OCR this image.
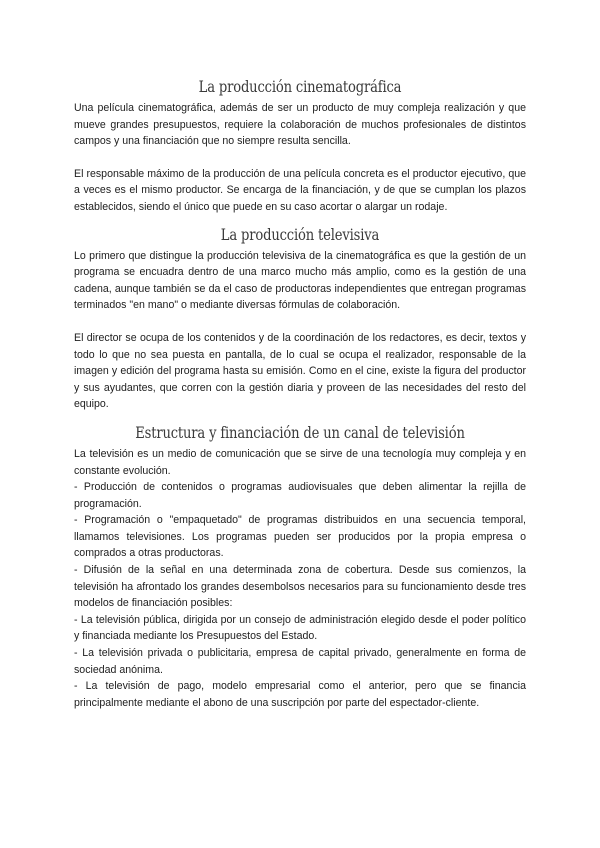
La producción cinematográfica

Una película cinematográfica, además de ser un producto de muy compleja realización y que mueve grandes presupuestos, requiere la colaboración de muchos profesionales de distintos campos y una financiación que no siempre resulta sencilla.

El responsable máximo de la producción de una película concreta es el productor ejecutivo, que a veces es el mismo productor. Se encarga de la financiación, y de que se cumplan los plazos establecidos, siendo el único que puede en su caso acortar o alargar un rodaje.

La producción televisiva

Lo primero que distingue la producción televisiva de la cinematográfica es que la gestión de un programa se encuadra dentro de una marco mucho más amplio, como es la gestión de una cadena, aunque también se da el caso de productoras independientes que entregan programas terminados "en mano" o mediante diversas fórmulas de colaboración.

El director se ocupa de los contenidos y de la coordinación de los redactores, es decir, textos y todo lo que no sea puesta en pantalla, de lo cual se ocupa el realizador, responsable de la imagen y edición del programa hasta su emisión. Como en el cine, existe la figura del productor y sus ayudantes, que corren con la gestión diaria y proveen de las necesidades del resto del equipo.

Estructura y financiación de un canal de televisión

La televisión es un medio de comunicación que se sirve de una tecnología muy compleja y en constante evolución.

- Producción de contenidos o programas audiovisuales que deben alimentar la rejilla de programación.

- Programación o "empaquetado" de programas distribuidos en una secuencia temporal, llamamos televisiones. Los programas pueden ser producidos por la propia empresa o comprados a otras productoras.

- Difusión de la señal en una determinada zona de cobertura. Desde sus comienzos, la televisión ha afrontado los grandes desembolsos necesarios para su funcionamiento desde tres modelos de financiación posibles:

- La televisión pública, dirigida por un consejo de administración elegido desde el poder político y financiada mediante los Presupuestos del Estado.

- La televisión privada o publicitaria, empresa de capital privado, generalmente en forma de sociedad anónima.

- La televisión de pago, modelo empresarial como el anterior, pero que se financia principalmente mediante el abono de una suscripción por parte del espectador-cliente.
